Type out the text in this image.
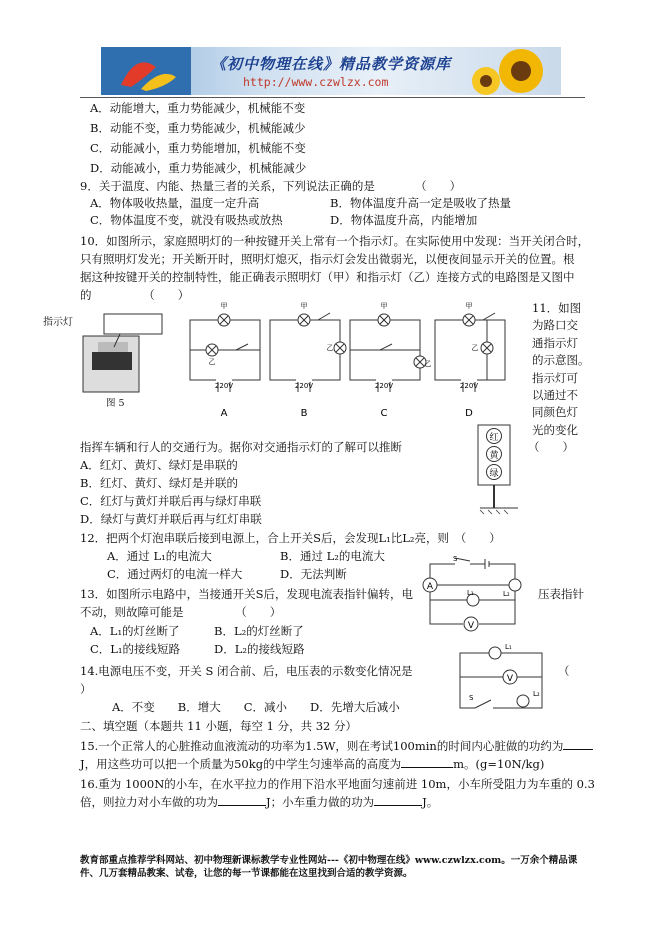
《初中物理在线》精品教学资源库
http://www.czwlzx.com
A．动能增大，重力势能减少，机械能不变
B．动能不变，重力势能减少，机械能减少
C．动能减小，重力势能增加，机械能不变
D．动能减小，重力势能减少，机械能减少
9．关于温度、内能、热量三者的关系，下列说法正确的是　　　　（　　）
A．物体吸收热量，温度一定升高	B．物体温度升高一定是吸收了热量
C．物体温度不变，就没有吸热或放热	D．物体温度升高，内能增加
10．如图所示，家庭照明灯的一种按键开关上常有一个指示灯。在实际使用中发现：当开关闭合时，
只有照明灯发光；开关断开时，照明灯熄灭，指示灯会发出微弱光，以便夜间显示开关的位置。根
据这种按键开关的控制特性，能正确表示照明灯（甲）和指示灯（乙）连接方式的电路图是又图中
的　　　　　（　　）
220V
甲
乙
A
220V
甲
乙
B
220V
甲
乙
C
220V
甲
乙
D
指示灯
图 5
11．如图
为路口交
通指示灯
的示意图。
指示灯可
以通过不
同颜色灯
光的变化
指挥车辆和行人的交通行为。据你对交通指示灯的了解可以推断	（　　）
A．红灯、黄灯、绿灯是串联的
B．红灯、黄灯、绿灯是并联的
C．红灯与黄灯并联后再与绿灯串联
D．绿灯与黄灯并联后再与红灯串联
红
黄
绿
12．把两个灯泡串联后接到电源上，合上开关S后，会发现L₁比L₂亮，则　（　　）
A．通过 L₁的电流大	B．通过 L₂的电流大
C．通过两灯的电流一样大	D．无法判断
13．如图所示电路中，当接通开关S后，发现电流表指针偏转，电	压表指针
不动，则故障可能是　　　　　（　　）
A．L₁的灯丝断了	B．L₂的灯丝断了
C．L₁的接线短路	D．L₂的接线短路
A
V
S
L₁	L₂
14.电源电压不变，开关 S 闭合前、后，电压表的示数变化情况是	（
）
A．不变　　B．增大　　C．减小　　D．先增大后减小
V
S
L₁
L₂
二、填空题（本题共 11 小题，每空 1 分，共 32 分）
15.一个正常人的心脏推动血液流动的功率为1.5W，则在考试100min的时间内心脏做的功约为
J，用这些功可以把一个质量为50kg的中学生匀速举高的高度为	m。(g=10N/kg)
16.重为 1000N的小车，在水平拉力的作用下沿水平地面匀速前进 10m，小车所受阻力为车重的 0.3
倍，则拉力对小车做的功为	J；小车重力做的功为	J。
教育部重点推荐学科网站、初中物理新课标教学专业性网站---《初中物理在线》www.czwlzx.com。一万余个精品课件、几万套精品教案、试卷，让您的每一节课都能在这里找到合适的教学资源。
